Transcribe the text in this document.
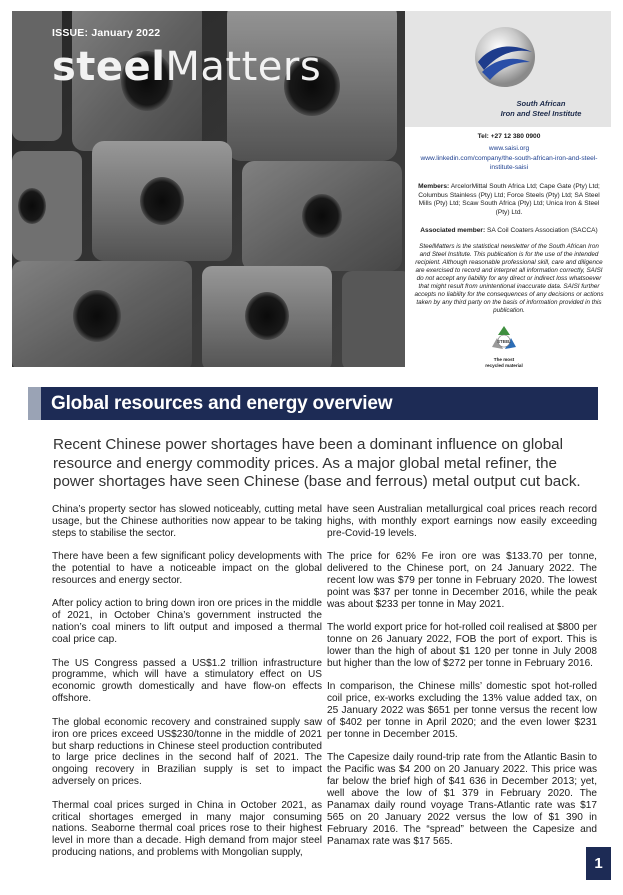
ISSUE: January 2022
steelMatters
South African
Iron and Steel Institute
Tel: +27 12 380 0900
www.saisi.org
www.linkedin.com/company/the-south-african-iron-and-steel-institute-saisi
Members: ArcelorMittal South Africa Ltd; Cape Gate (Pty) Ltd; Columbus Stainless (Pty) Ltd; Force Steels (Pty) Ltd; SA Steel Mills (Pty) Ltd; Scaw South Africa (Pty) Ltd; Unica Iron & Steel (Pty) Ltd.
Associated member: SA Coil Coaters Association (SACCA)
SteelMatters is the statistical newsletter of the South African Iron and Steel Institute. This publication is for the use of the intended recipient. Although reasonable professional skill, care and diligence are exercised to record and interpret all information correctly, SAISI do not accept any liability for any direct or indirect loss whatsoever that might result from unintentional inaccurate data. SAISI further accepts no liability for the consequences of any decisions or actions taken by any third party on the basis of information provided in this publication.
STEEL
The most
recycled material
Global resources and energy overview
Recent Chinese power shortages have been a dominant influence on global resource and energy commodity prices. As a major global metal refiner, the power shortages have seen Chinese (base and ferrous) metal output cut back.

China’s property sector has slowed noticeably, cutting metal usage, but the Chinese authorities now appear to be taking steps to stabilise the sector.

There have been a few significant policy developments with the potential to have a noticeable impact on the global resources and energy sector.

After policy action to bring down iron ore prices in the middle of 2021, in October China’s government instructed the nation’s coal miners to lift output and imposed a thermal coal price cap.

The US Congress passed a US$1.2 trillion infrastructure programme, which will have a stimulatory effect on US economic growth domestically and have flow-on effects offshore.

The global economic recovery and constrained supply saw iron ore prices exceed US$230/tonne in the middle of 2021 but sharp reductions in Chinese steel production contributed to large price declines in the second half of 2021. The ongoing recovery in Brazilian supply is set to impact adversely on prices.

Thermal coal prices surged in China in October 2021, as critical shortages emerged in many major consuming nations. Seaborne thermal coal prices rose to their highest level in more than a decade. High demand from major steel producing nations, and problems with Mongolian supply,

have seen Australian metallurgical coal prices reach record highs, with monthly export earnings now easily exceeding pre-Covid-19 levels.

The price for 62% Fe iron ore was $133.70 per tonne, delivered to the Chinese port, on 24 January 2022. The recent low was $79 per tonne in February 2020. The lowest point was $37 per tonne in December 2016, while the peak was about $233 per tonne in May 2021.

The world export price for hot-rolled coil realised at $800 per tonne on 26 January 2022, FOB the port of export. This is lower than the high of about $1 120 per tonne in July 2008 but higher than the low of $272 per tonne in February 2016.

In comparison, the Chinese mills’ domestic spot hot-rolled coil price, ex-works excluding the 13% value added tax, on 25 January 2022 was $651 per tonne versus the recent low of $402 per tonne in April 2020; and the even lower $231 per tonne in December 2015.

The Capesize daily round-trip rate from the Atlantic Basin to the Pacific was $4 200 on 20 January 2022. This price was far below the brief high of $41 636 in December 2013; yet, well above the low of $1 379 in February 2020. The Panamax daily round voyage Trans-Atlantic rate was $17 565 on 20 January 2022 versus the low of $1 390 in February 2016. The “spread” between the Capesize and Panamax rate was $17 565.

1
